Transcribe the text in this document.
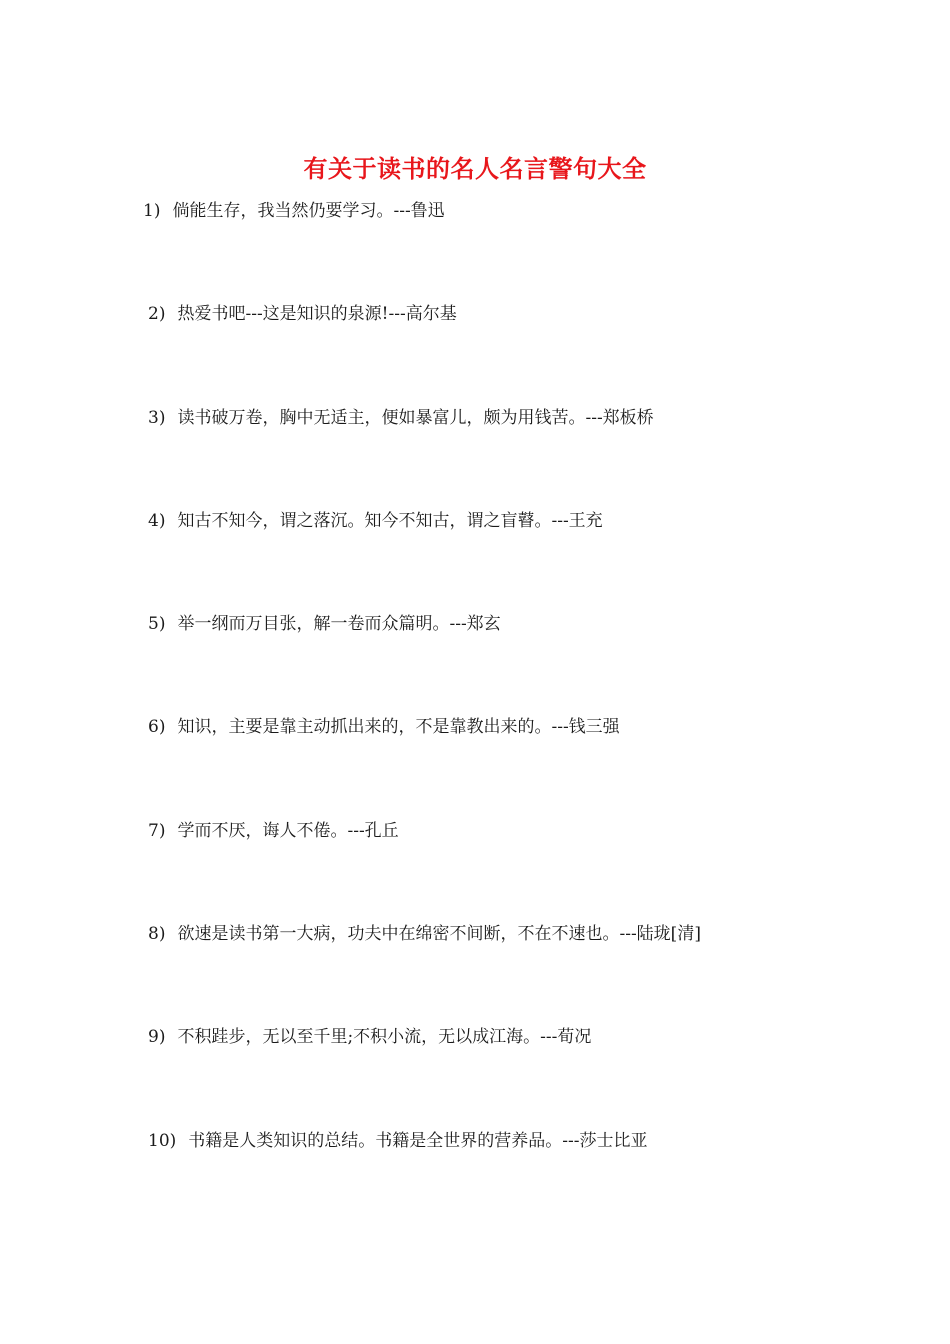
有关于读书的名人名言警句大全
1) 倘能生存，我当然仍要学习。---鲁迅
2) 热爱书吧---这是知识的泉源!---高尔基
3) 读书破万卷，胸中无适主，便如暴富儿，颇为用钱苦。---郑板桥
4) 知古不知今，谓之落沉。知今不知古，谓之盲瞽。---王充
5) 举一纲而万目张，解一卷而众篇明。---郑玄
6) 知识，主要是靠主动抓出来的，不是靠教出来的。---钱三强
7) 学而不厌，诲人不倦。---孔丘
8) 欲速是读书第一大病，功夫中在绵密不间断，不在不速也。---陆珑[清]
9) 不积跬步，无以至千里;不积小流，无以成江海。---荀况
10) 书籍是人类知识的总结。书籍是全世界的营养品。---莎士比亚
